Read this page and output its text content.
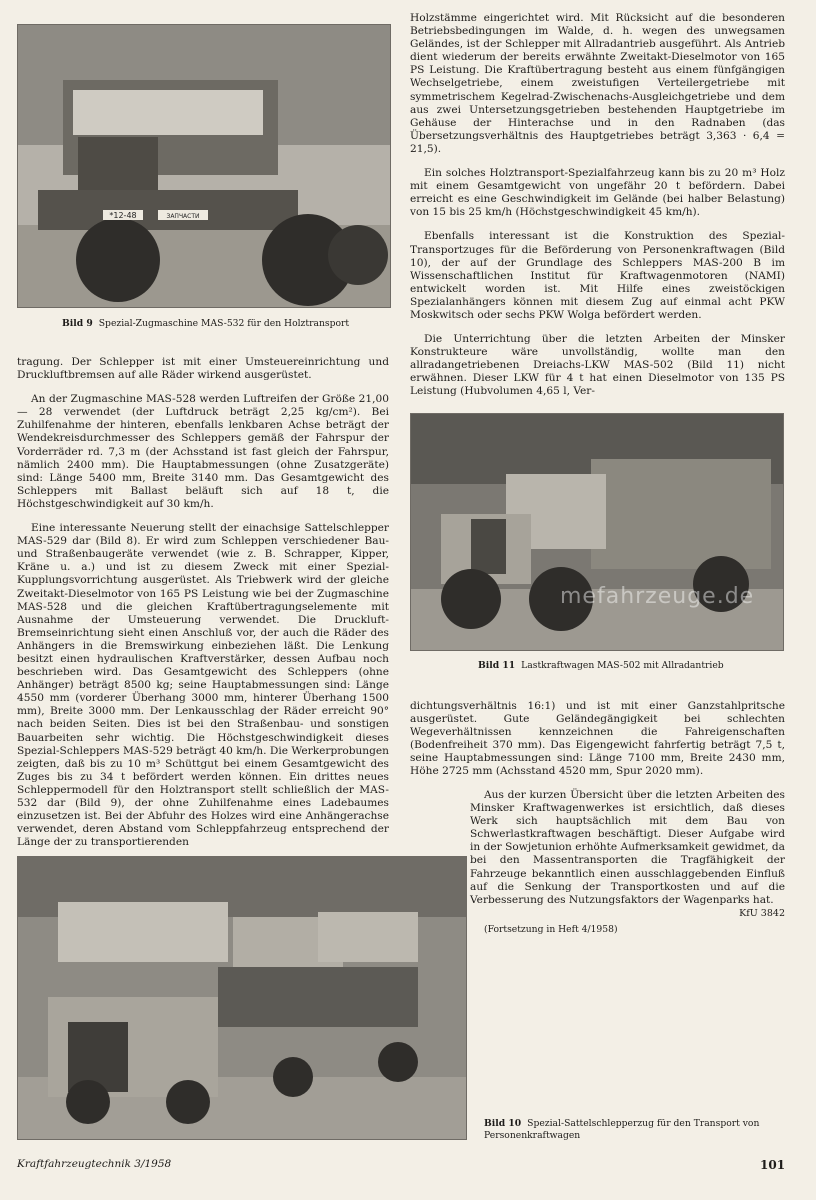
*12-48	ЗАПЧАСТИ
Bild 9 Spezial-Zugmaschine MAS-532 für den Holztransport

tragung. Der Schlepper ist mit einer Umsteuereinrichtung und Druckluftbremsen auf alle Räder wirkend ausgerüstet.

An der Zugmaschine MAS-528 werden Luftreifen der Größe 21,00 — 28 verwendet (der Luftdruck beträgt 2,25 kg/cm²). Bei Zuhilfenahme der hinteren, ebenfalls lenkbaren Achse beträgt der Wendekreisdurchmesser des Schleppers gemäß der Fahrspur der Vorderräder rd. 7,3 m (der Achsstand ist fast gleich der Fahrspur, nämlich 2400 mm). Die Hauptabmessungen (ohne Zusatzgeräte) sind: Länge 5400 mm, Breite 3140 mm. Das Gesamtgewicht des Schleppers mit Ballast beläuft sich auf 18 t, die Höchstgeschwindigkeit auf 30 km/h.

Eine interessante Neuerung stellt der einachsige Sattelschlepper MAS-529 dar (Bild 8). Er wird zum Schleppen verschiedener Bau- und Straßenbaugeräte verwendet (wie z. B. Schrapper, Kipper, Kräne u. a.) und ist zu diesem Zweck mit einer Spezial-Kupplungsvorrichtung ausgerüstet. Als Triebwerk wird der gleiche Zweitakt-Dieselmotor von 165 PS Leistung wie bei der Zugmaschine MAS-528 und die gleichen Kraftübertragungselemente mit Ausnahme der Umsteuerung verwendet. Die Druckluft-Bremseinrichtung sieht einen Anschluß vor, der auch die Räder des Anhängers in die Bremswirkung einbeziehen läßt. Die Lenkung besitzt einen hydraulischen Kraftverstärker, dessen Aufbau noch beschrieben wird. Das Gesamtgewicht des Schleppers (ohne Anhänger) beträgt 8500 kg; seine Hauptabmessungen sind: Länge 4550 mm (vorderer Überhang 3000 mm, hinterer Überhang 1500 mm), Breite 3000 mm. Der Lenkausschlag der Räder erreicht 90° nach beiden Seiten. Dies ist bei den Straßenbau- und sonstigen Bauarbeiten sehr wichtig. Die Höchstgeschwindigkeit dieses Spezial-Schleppers MAS-529 beträgt 40 km/h. Die Werkerprobungen zeigten, daß bis zu 10 m³ Schüttgut bei einem Gesamtgewicht des Zuges bis zu 34 t befördert werden können. Ein drittes neues Schleppermodell für den Holztransport stellt schließlich der MAS-532 dar (Bild 9), der ohne Zuhilfenahme eines Ladebaumes einzusetzen ist. Bei der Abfuhr des Holzes wird eine Anhängerachse verwendet, deren Abstand vom Schleppfahrzeug entsprechend der Länge der zu transportierenden

Holzstämme eingerichtet wird. Mit Rücksicht auf die besonderen Betriebsbedingungen im Walde, d. h. wegen des unwegsamen Geländes, ist der Schlepper mit Allradantrieb ausgeführt. Als Antrieb dient wiederum der bereits erwähnte Zweitakt-Dieselmotor von 165 PS Leistung. Die Kraftübertragung besteht aus einem fünfgängigen Wechselgetriebe, einem zweistufigen Verteilergetriebe mit symmetrischem Kegelrad-Zwischenachs-Ausgleichgetriebe und dem aus zwei Untersetzungsgetrieben bestehenden Hauptgetriebe im Gehäuse der Hinterachse und in den Radnaben (das Übersetzungsverhältnis des Hauptgetriebes beträgt 3,363 · 6,4 = 21,5).

Ein solches Holztransport-Spezialfahrzeug kann bis zu 20 m³ Holz mit einem Gesamtgewicht von ungefähr 20 t befördern. Dabei erreicht es eine Geschwindigkeit im Gelände (bei halber Belastung) von 15 bis 25 km/h (Höchstgeschwindigkeit 45 km/h).

Ebenfalls interessant ist die Konstruktion des Spezial-Transportzuges für die Beförderung von Personenkraftwagen (Bild 10), der auf der Grundlage des Schleppers MAS-200 B im Wissenschaftlichen Institut für Kraftwagenmotoren (NAMI) entwickelt worden ist. Mit Hilfe eines zweistöckigen Spezialanhängers können mit diesem Zug auf einmal acht PKW Moskwitsch oder sechs PKW Wolga befördert werden.

Die Unterrichtung über die letzten Arbeiten der Minsker Konstrukteure wäre unvollständig, wollte man den allradangetriebenen Dreiachs-LKW MAS-502 (Bild 11) nicht erwähnen. Dieser LKW für 4 t hat einen Dieselmotor von 135 PS Leistung (Hubvolumen 4,65 l, Ver-

mefahrzeuge.de
Bild 11 Lastkraftwagen MAS-502 mit Allradantrieb

dichtungsverhältnis 16:1) und ist mit einer Ganzstahlpritsche ausgerüstet. Gute Geländegängigkeit bei schlechten Wegeverhältnissen kennzeichnen die Fahreigenschaften (Bodenfreiheit 370 mm). Das Eigengewicht fahrfertig beträgt 7,5 t, seine Hauptabmessungen sind: Länge 7100 mm, Breite 2430 mm, Höhe 2725 mm (Achsstand 4520 mm, Spur 2020 mm).

Aus der kurzen Übersicht über die letzten Arbeiten des Minsker Kraftwagenwerkes ist ersichtlich, daß dieses Werk sich hauptsächlich mit dem Bau von Schwerlastkraftwagen beschäftigt. Dieser Aufgabe wird in der Sowjetunion erhöhte Aufmerksamkeit gewidmet, da bei den Massentransporten die Tragfähigkeit der Fahrzeuge bekanntlich einen ausschlaggebenden Einfluß auf die Senkung der Transportkosten und auf die Verbesserung des Nutzungsfaktors der Wagenparks hat.
KfU 3842

(Fortsetzung in Heft 4/1958)
Bild 10 Spezial-Sattelschlepperzug für den Transport von Personenkraftwagen
Kraftfahrzeugtechnik 3/1958	101
